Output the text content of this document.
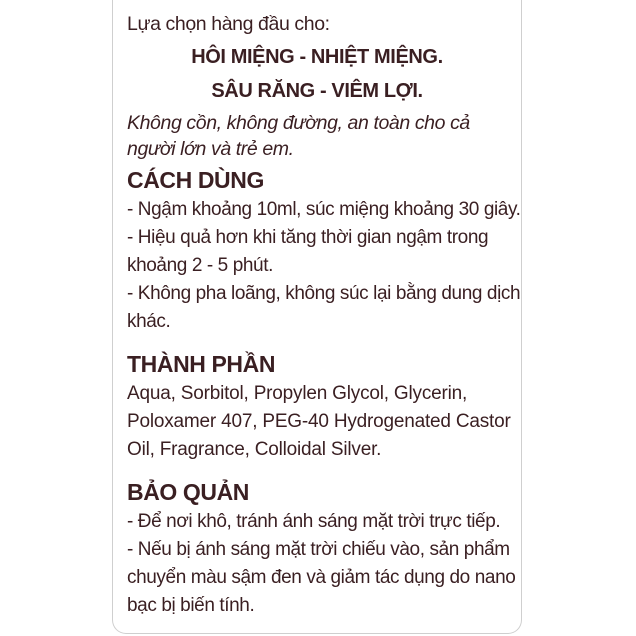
Lựa chọn hàng đầu cho:
HÔI MIỆNG - NHIỆT MIỆNG.
SÂU RĂNG - VIÊM LỢI.
Không cồn, không đường, an toàn cho cả
người lớn và trẻ em.
CÁCH DÙNG
- Ngậm khoảng 10ml, súc miệng khoảng 30 giây.
- Hiệu quả hơn khi tăng thời gian ngậm trong
khoảng 2 - 5 phút.
- Không pha loãng, không súc lại bằng dung dịch
khác.
THÀNH PHẦN
Aqua, Sorbitol, Propylen Glycol, Glycerin,
Poloxamer 407, PEG-40 Hydrogenated Castor
Oil, Fragrance, Colloidal Silver.
BẢO QUẢN
- Để nơi khô, tránh ánh sáng mặt trời trực tiếp.
- Nếu bị ánh sáng mặt trời chiếu vào, sản phẩm
chuyển màu sậm đen và giảm tác dụng do nano
bạc bị biến tính.
